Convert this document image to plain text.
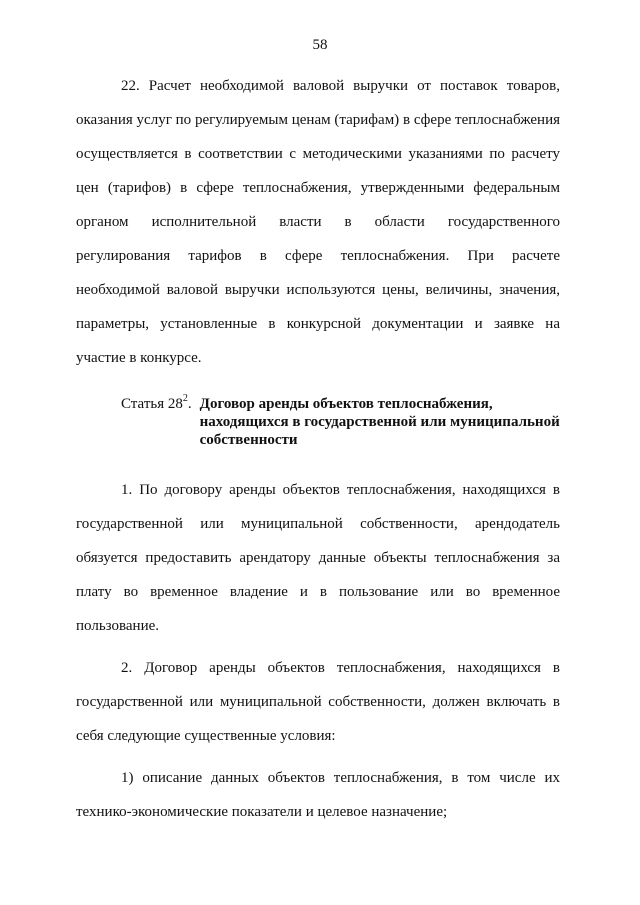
58

22. Расчет необходимой валовой выручки от поставок товаров, оказания услуг по регулируемым ценам (тарифам) в сфере теплоснабжения осуществляется в соответствии с методическими указаниями по расчету цен (тарифов) в сфере теплоснабжения, утвержденными федеральным органом исполнительной власти в области государственного регулирования тарифов в сфере теплоснабжения. При расчете необходимой валовой выручки используются цены, величины, значения, параметры, установленные в конкурсной документации и заявке на участие в конкурсе.

Статья $28^2$. Договор аренды объектов теплоснабжения, находящихся в государственной или муниципальной собственности

1. По договору аренды объектов теплоснабжения, находящихся в государственной или муниципальной собственности, арендодатель обязуется предоставить арендатору данные объекты теплоснабжения за плату во временное владение и в пользование или во временное пользование.

2. Договор аренды объектов теплоснабжения, находящихся в государственной или муниципальной собственности, должен включать в себя следующие существенные условия:

1) описание данных объектов теплоснабжения, в том числе их технико-экономические показатели и целевое назначение;
